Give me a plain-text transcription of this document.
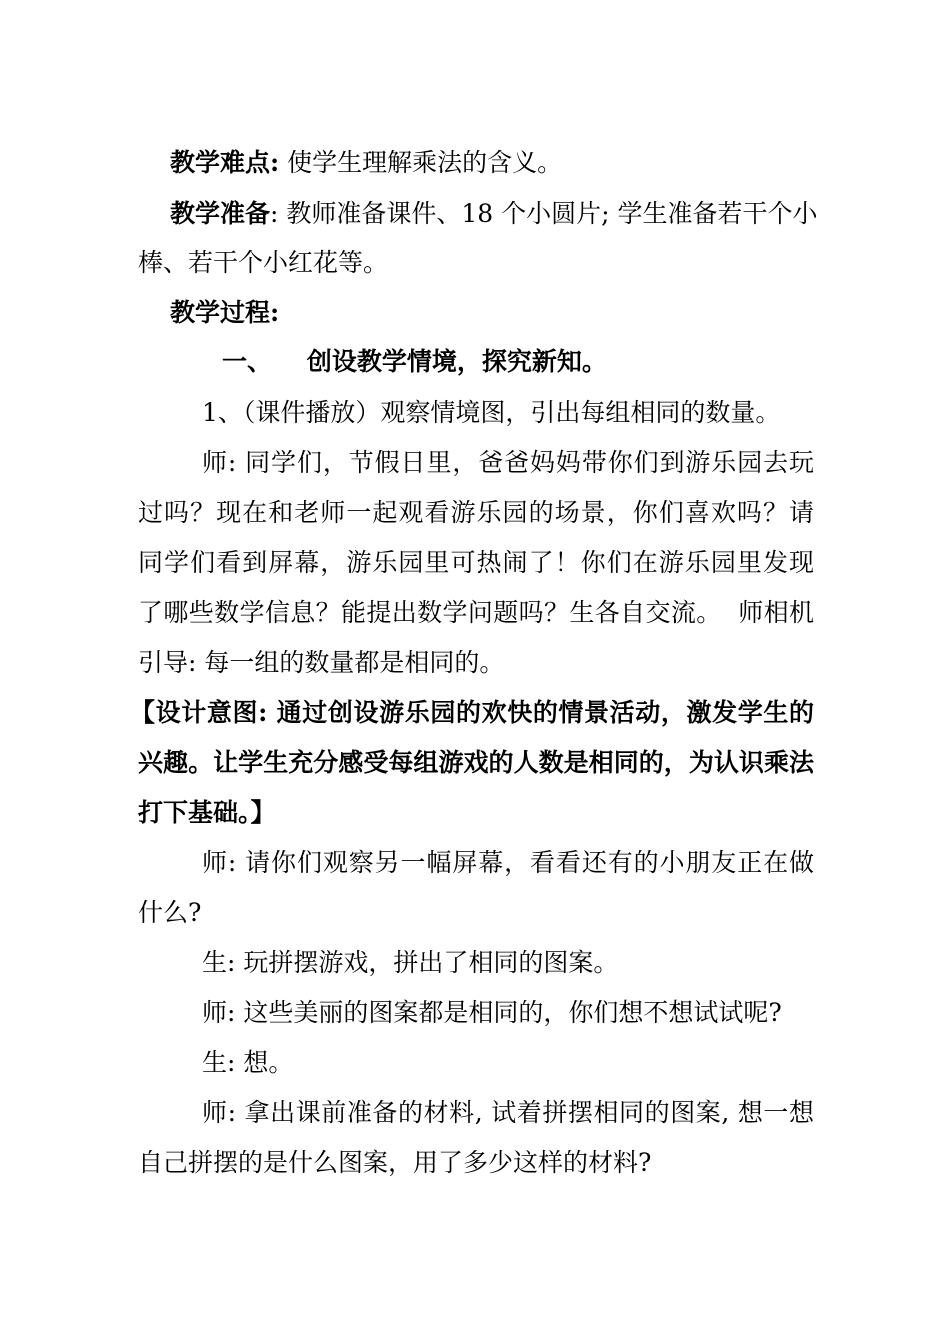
教学难点: 使学生理解乘法的含义。
教学准备: 教师准备课件、18 个小圆片; 学生准备若干个小
棒、若干个小红花等。
教学过程:
一、    创设教学情境，探究新知。
1、（课件播放）观察情境图，引出每组相同的数量。
师: 同学们，节假日里，爸爸妈妈带你们到游乐园去玩
过吗？现在和老师一起观看游乐园的场景，你们喜欢吗？请
同学们看到屏幕，游乐园里可热闹了！你们在游乐园里发现
了哪些数学信息？能提出数学问题吗？生各自交流。  师相机
引导: 每一组的数量都是相同的。
【设计意图: 通过创设游乐园的欢快的情景活动，激发学生的
兴趣。让学生充分感受每组游戏的人数是相同的，为认识乘法
打下基础。】
师: 请你们观察另一幅屏幕，看看还有的小朋友正在做
什么?
生: 玩拼摆游戏，拼出了相同的图案。
师: 这些美丽的图案都是相同的，你们想不想试试呢?
生: 想。
师: 拿出课前准备的材料, 试着拼摆相同的图案, 想一想
自己拼摆的是什么图案，用了多少这样的材料?
